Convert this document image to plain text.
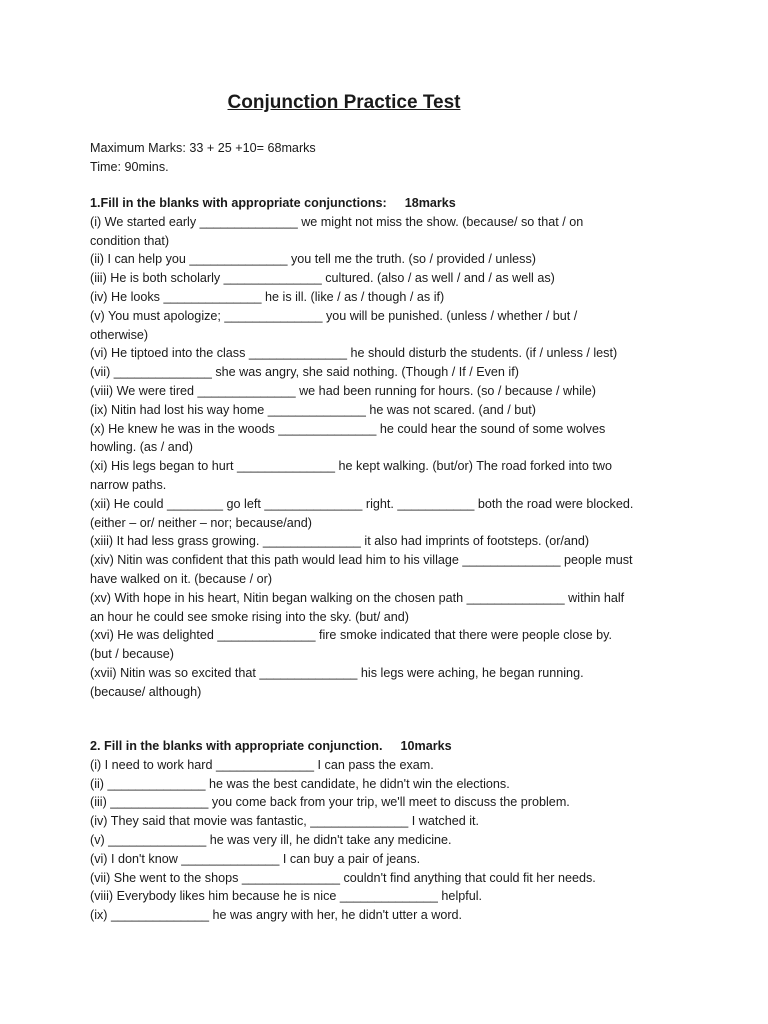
Conjunction Practice Test
Maximum Marks: 33 + 25 +10= 68marks
Time: 90mins.
1.Fill in the blanks with appropriate conjunctions: 18marks
(i) We started early ______________ we might not miss the show. (because/ so that / on
condition that)
(ii) I can help you ______________ you tell me the truth. (so / provided / unless)
(iii) He is both scholarly ______________ cultured. (also / as well / and / as well as)
(iv) He looks ______________ he is ill. (like / as / though / as if)
(v) You must apologize; ______________ you will be punished. (unless / whether / but /
otherwise)
(vi) He tiptoed into the class ______________ he should disturb the students. (if / unless / lest)
(vii) ______________ she was angry, she said nothing. (Though / If / Even if)
(viii) We were tired ______________ we had been running for hours. (so / because / while)
(ix) Nitin had lost his way home ______________ he was not scared. (and / but)
(x) He knew he was in the woods ______________ he could hear the sound of some wolves
howling. (as / and)
(xi) His legs began to hurt ______________ he kept walking. (but/or) The road forked into two
narrow paths.
(xii) He could ________ go left ______________ right. ___________ both the road were blocked.
(either – or/ neither – nor; because/and)
(xiii) It had less grass growing. ______________ it also had imprints of footsteps. (or/and)
(xiv) Nitin was confident that this path would lead him to his village ______________ people must
have walked on it. (because / or)
(xv) With hope in his heart, Nitin began walking on the chosen path ______________ within half
an hour he could see smoke rising into the sky. (but/ and)
(xvi) He was delighted ______________ fire smoke indicated that there were people close by.
(but / because)
(xvii) Nitin was so excited that ______________ his legs were aching, he began running.
(because/ although)
2. Fill in the blanks with appropriate conjunction. 10marks
(i) I need to work hard ______________ I can pass the exam.
(ii) ______________ he was the best candidate, he didn't win the elections.
(iii) ______________ you come back from your trip, we'll meet to discuss the problem.
(iv) They said that movie was fantastic, ______________ I watched it.
(v) ______________ he was very ill, he didn't take any medicine.
(vi) I don't know ______________ I can buy a pair of jeans.
(vii) She went to the shops ______________ couldn't find anything that could fit her needs.
(viii) Everybody likes him because he is nice ______________ helpful.
(ix) ______________ he was angry with her, he didn't utter a word.
